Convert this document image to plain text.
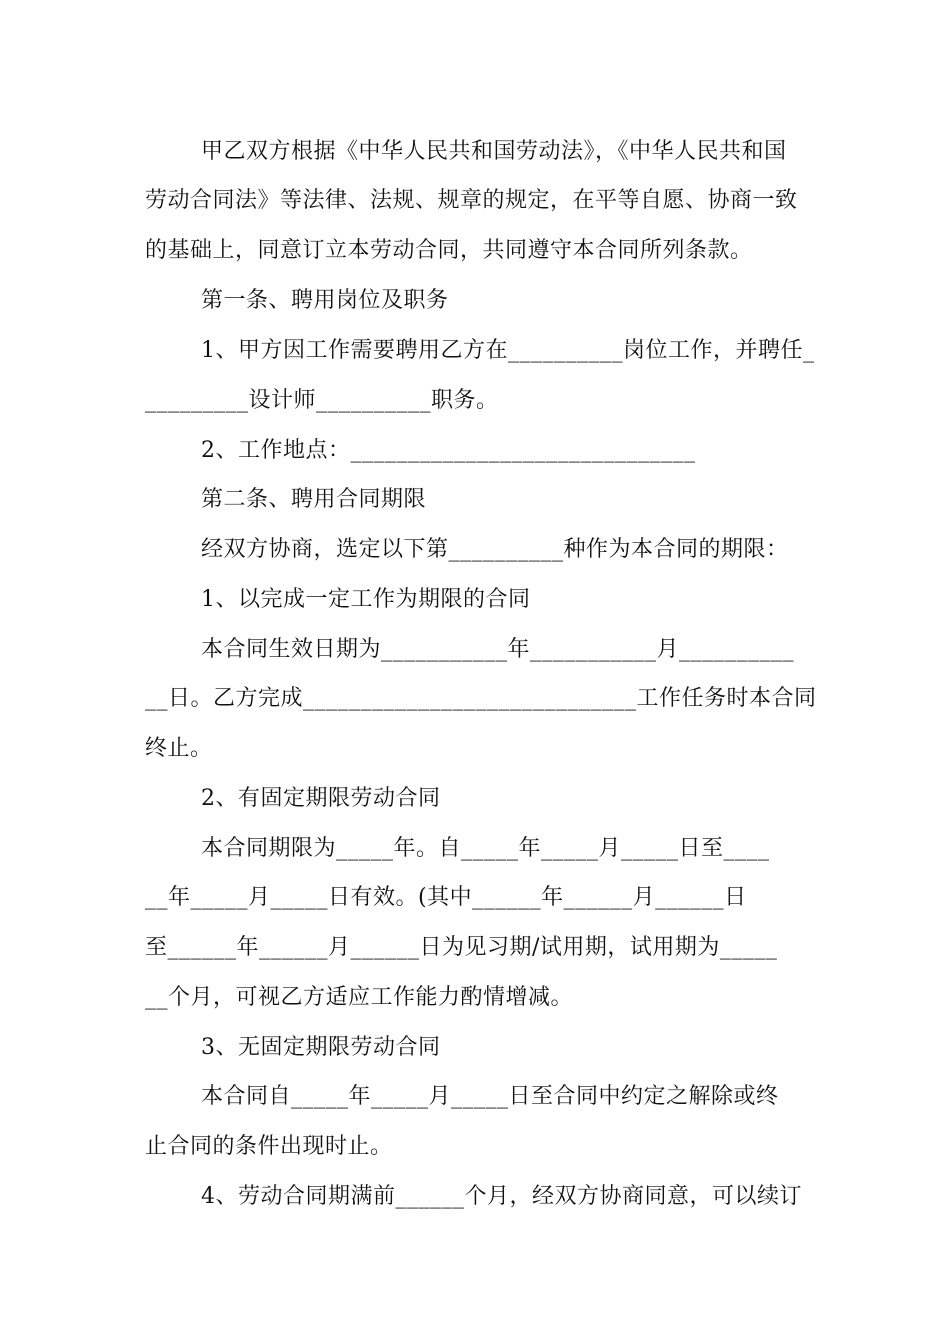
甲乙双方根据《中华人民共和国劳动法》，《中华人民共和国
劳动合同法》等法律、法规、规章的规定，在平等自愿、协商一致
的基础上，同意订立本劳动合同，共同遵守本合同所列条款。
第一条、聘用岗位及职务
1、甲方因工作需要聘用乙方在__________岗位工作，并聘任_
_________设计师__________职务。
2、工作地点：______________________________
第二条、聘用合同期限
经双方协商，选定以下第__________种作为本合同的期限：
1、以完成一定工作为期限的合同
本合同生效日期为___________年___________月__________
__日。乙方完成_____________________________工作任务时本合同
终止。
2、有固定期限劳动合同
本合同期限为_____年。自_____年_____月_____日至____
__年_____月_____日有效。(其中______年______月______日
至______年______月______日为见习期/试用期，试用期为_____
__个月，可视乙方适应工作能力酌情增减。
3、无固定期限劳动合同
本合同自_____年_____月_____日至合同中约定之解除或终
止合同的条件出现时止。
4、劳动合同期满前______个月，经双方协商同意，可以续订
